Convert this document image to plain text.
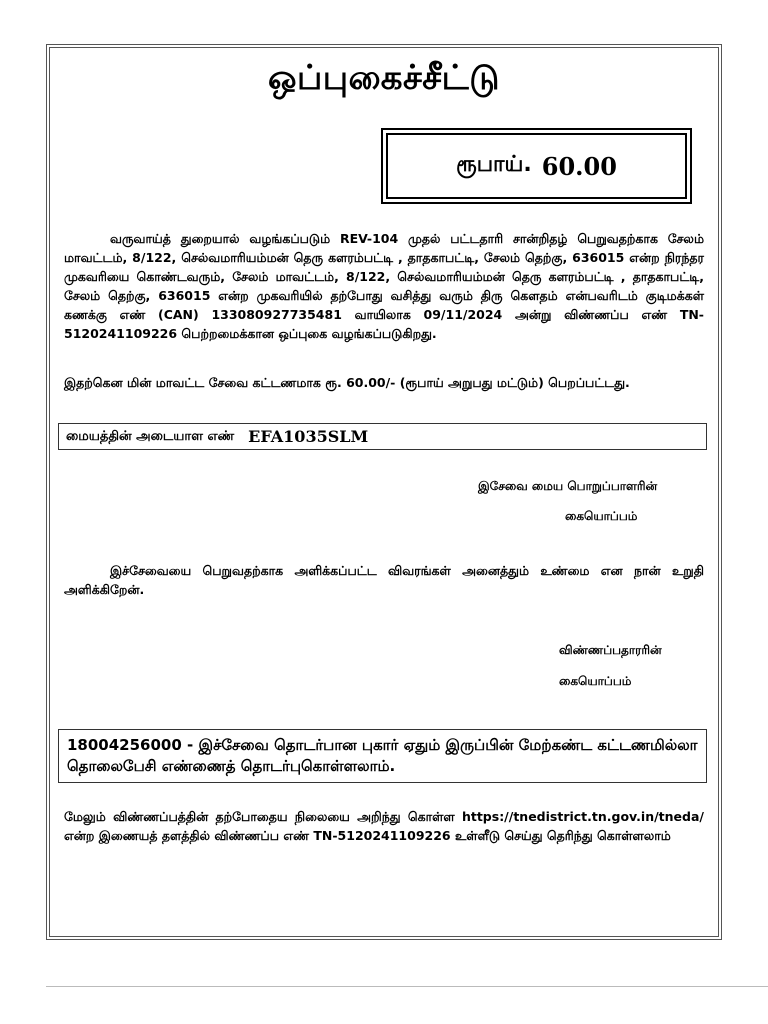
ஒப்புகைச்சீட்டு
ரூபாய். 60.00
வருவாய்த் துறையால் வழங்கப்படும் REV-104 முதல் பட்டதாரி சான்றிதழ் பெறுவதற்காக சேலம் மாவட்டம், 8/122, செல்வமாரியம்மன் தெரு களரம்பட்டி , தாதகாபட்டி, சேலம் தெற்கு, 636015 என்ற நிரந்தர முகவரியை கொண்டவரும், சேலம் மாவட்டம், 8/122, செல்வமாரியம்மன் தெரு களரம்பட்டி , தாதகாபட்டி, சேலம் தெற்கு, 636015 என்ற முகவரியில் தற்போது வசித்து வரும் திரு கௌதம் என்பவரிடம் குடிமக்கள் கணக்கு எண் (CAN) 133080927735481 வாயிலாக 09/11/2024 அன்று விண்ணப்ப எண் TN-5120241109226 பெற்றமைக்கான ஒப்புகை வழங்கப்படுகிறது.
இதற்கென மின் மாவட்ட சேவை கட்டணமாக ரூ. 60.00/- (ரூபாய் அறுபது மட்டும்) பெறப்பட்டது.
மையத்தின் அடையாள எண் EFA1035SLM
இசேவை மைய பொறுப்பாளரின்
கையொப்பம்
இச்சேவையை பெறுவதற்காக அளிக்கப்பட்ட விவரங்கள் அனைத்தும் உண்மை என நான் உறுதி அளிக்கிறேன்.
விண்ணப்பதாரரின்
கையொப்பம்
18004256000 - இச்சேவை தொடர்பான புகார் ஏதும் இருப்பின் மேற்கண்ட கட்டணமில்லா தொலைபேசி எண்ணைத் தொடர்புகொள்ளலாம்.
மேலும் விண்ணப்பத்தின் தற்போதைய நிலையை அறிந்து கொள்ள https://tnedistrict.tn.gov.in/tneda/ என்ற இணையத் தளத்தில் விண்ணப்ப எண் TN-5120241109226 உள்ளீடு செய்து தெரிந்து கொள்ளலாம்
